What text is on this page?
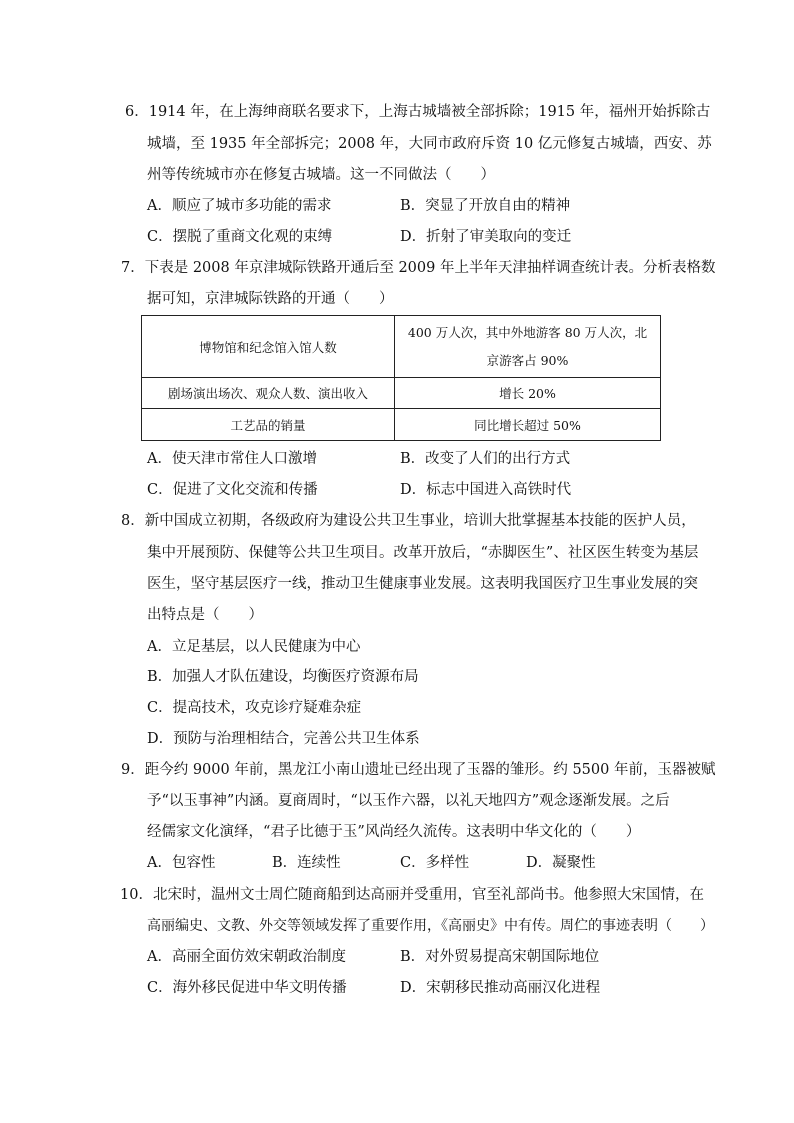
6．1914 年，在上海绅商联名要求下，上海古城墙被全部拆除；1915 年，福州开始拆除古
城墙，至 1935 年全部拆完；2008 年，大同市政府斥资 10 亿元修复古城墙，西安、苏
州等传统城市亦在修复古城墙。这一不同做法（　　）
A．顺应了城市多功能的需求	B．突显了开放自由的精神
C．摆脱了重商文化观的束缚	D．折射了审美取向的变迁
7．下表是 2008 年京津城际铁路开通后至 2009 年上半年天津抽样调查统计表。分析表格数
据可知，京津城际铁路的开通（　　）
博物馆和纪念馆入馆人数	400 万人次，其中外地游客 80 万人次，北
京游客占 90%

剧场演出场次、观众人数、演出收入	增长 20%
工艺品的销量	同比增长超过 50%
A．使天津市常住人口激增	B．改变了人们的出行方式
C．促进了文化交流和传播	D．标志中国进入高铁时代
8．新中国成立初期，各级政府为建设公共卫生事业，培训大批掌握基本技能的医护人员，
集中开展预防、保健等公共卫生项目。改革开放后，“赤脚医生”、社区医生转变为基层
医生，坚守基层医疗一线，推动卫生健康事业发展。这表明我国医疗卫生事业发展的突
出特点是（　　）
A．立足基层，以人民健康为中心
B．加强人才队伍建设，均衡医疗资源布局
C．提高技术，攻克诊疗疑难杂症
D．预防与治理相结合，完善公共卫生体系
9．距今约 9000 年前，黑龙江小南山遗址已经出现了玉器的雏形。约 5500 年前，玉器被赋
予“以玉事神”内涵。夏商周时，“以玉作六器，以礼天地四方”观念逐渐发展。之后
经儒家文化演绎，“君子比德于玉”风尚经久流传。这表明中华文化的（　　）
A．包容性	B．连续性	C．多样性	D．凝聚性
10．北宋时，温州文士周伫随商船到达高丽并受重用，官至礼部尚书。他参照大宋国情，在
高丽编史、文教、外交等领域发挥了重要作用，《高丽史》中有传。周伫的事迹表明（　　）
A．高丽全面仿效宋朝政治制度	B．对外贸易提高宋朝国际地位
C．海外移民促进中华文明传播	D．宋朝移民推动高丽汉化进程
